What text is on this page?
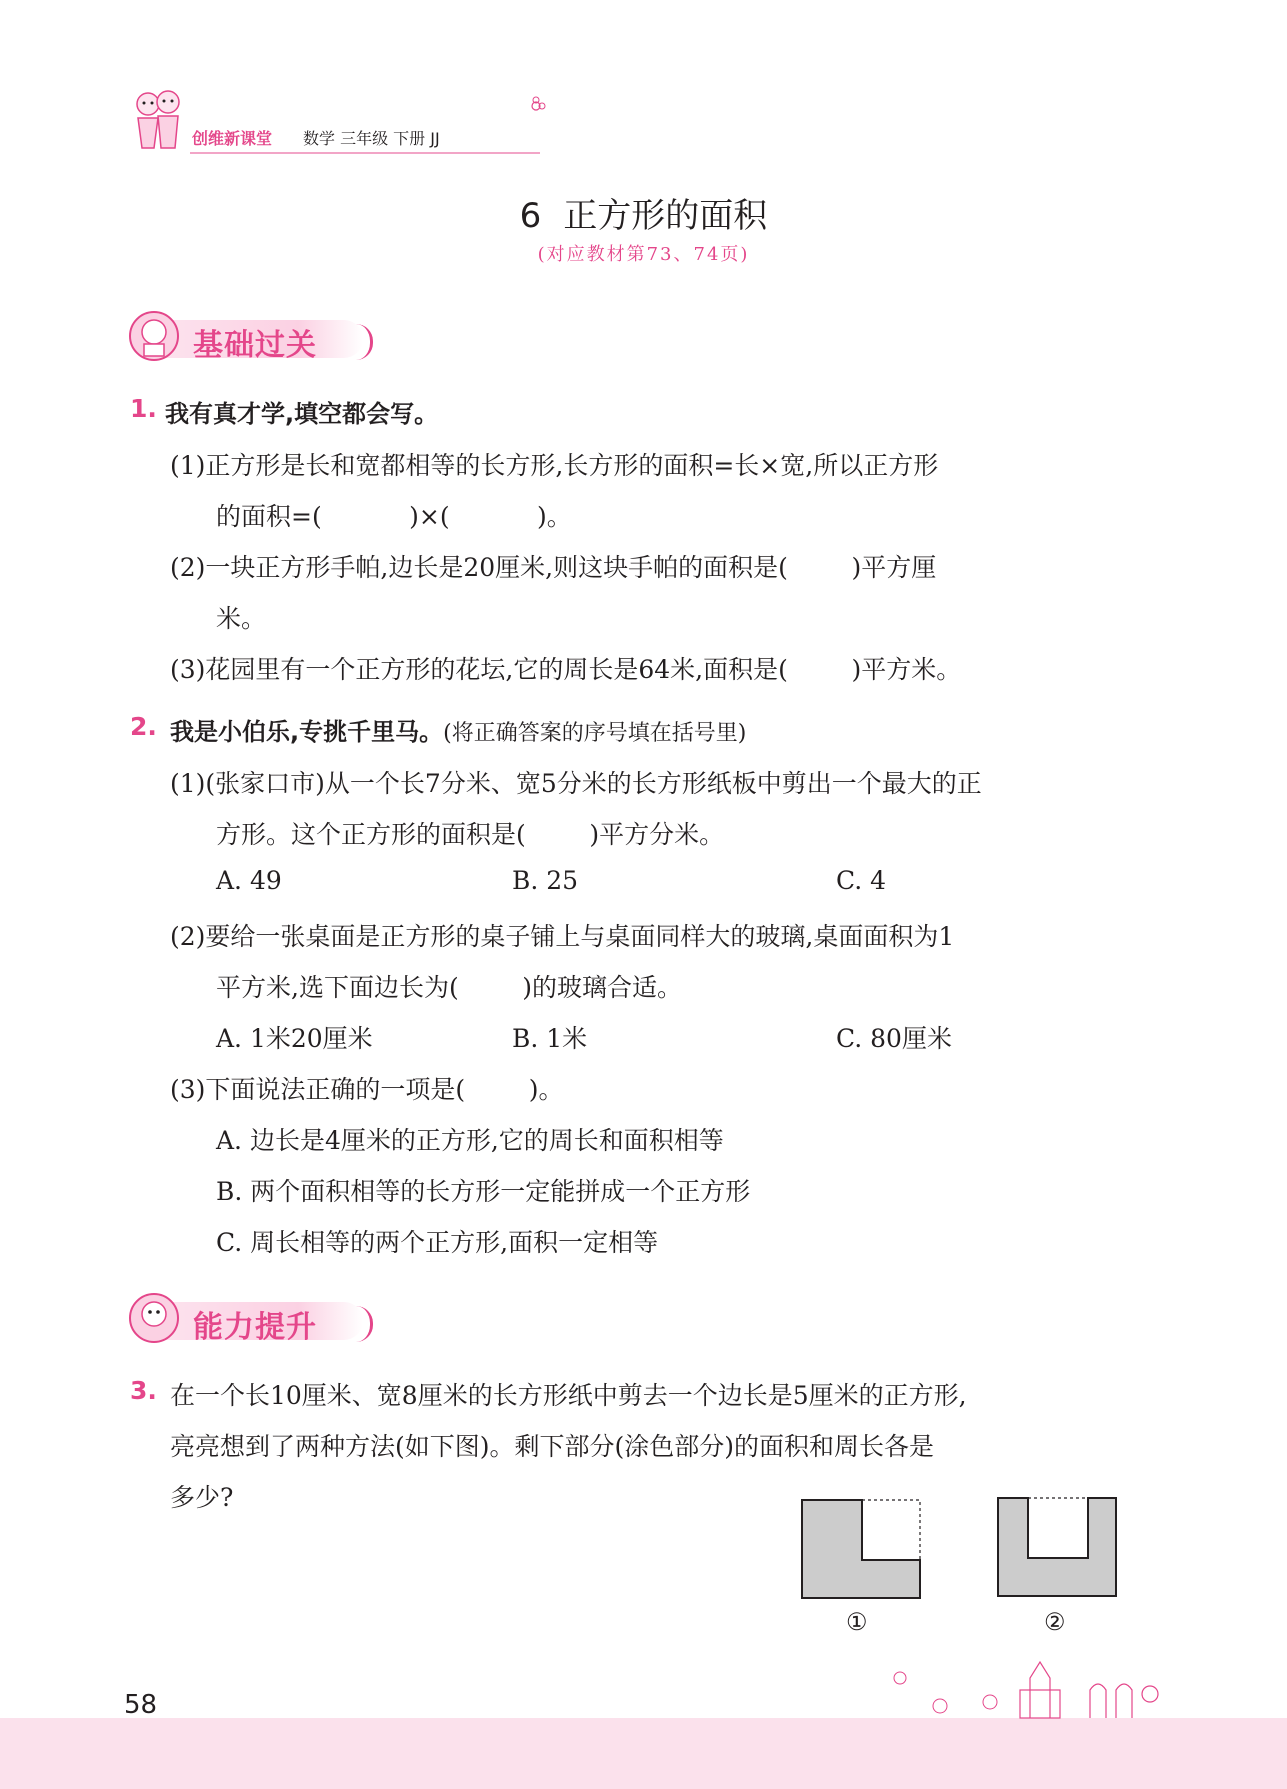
创维新课堂 数学 三年级 下册 JJ
6 正方形的面积
(对应教材第73、74页)
基础过关
1. 我有真才学,填空都会写。
(1)正方形是长和宽都相等的长方形,长方形的面积=长×宽,所以正方形
的面积=(           )×(           )。
(2)一块正方形手帕,边长是20厘米,则这块手帕的面积是(        )平方厘
米。
(3)花园里有一个正方形的花坛,它的周长是64米,面积是(        )平方米。
2. 我是小伯乐,专挑千里马。(将正确答案的序号填在括号里)
(1)(张家口市)从一个长7分米、宽5分米的长方形纸板中剪出一个最大的正
方形。这个正方形的面积是(        )平方分米。
A. 49	B. 25	C. 4
(2)要给一张桌面是正方形的桌子铺上与桌面同样大的玻璃,桌面面积为1
平方米,选下面边长为(        )的玻璃合适。
A. 1米20厘米	B. 1米	C. 80厘米
(3)下面说法正确的一项是(        )。
A. 边长是4厘米的正方形,它的周长和面积相等
B. 两个面积相等的长方形一定能拼成一个正方形
C. 周长相等的两个正方形,面积一定相等
能力提升
3. 在一个长10厘米、宽8厘米的长方形纸中剪去一个边长是5厘米的正方形,
亮亮想到了两种方法(如下图)。剩下部分(涂色部分)的面积和周长各是
多少?
①	②
58
